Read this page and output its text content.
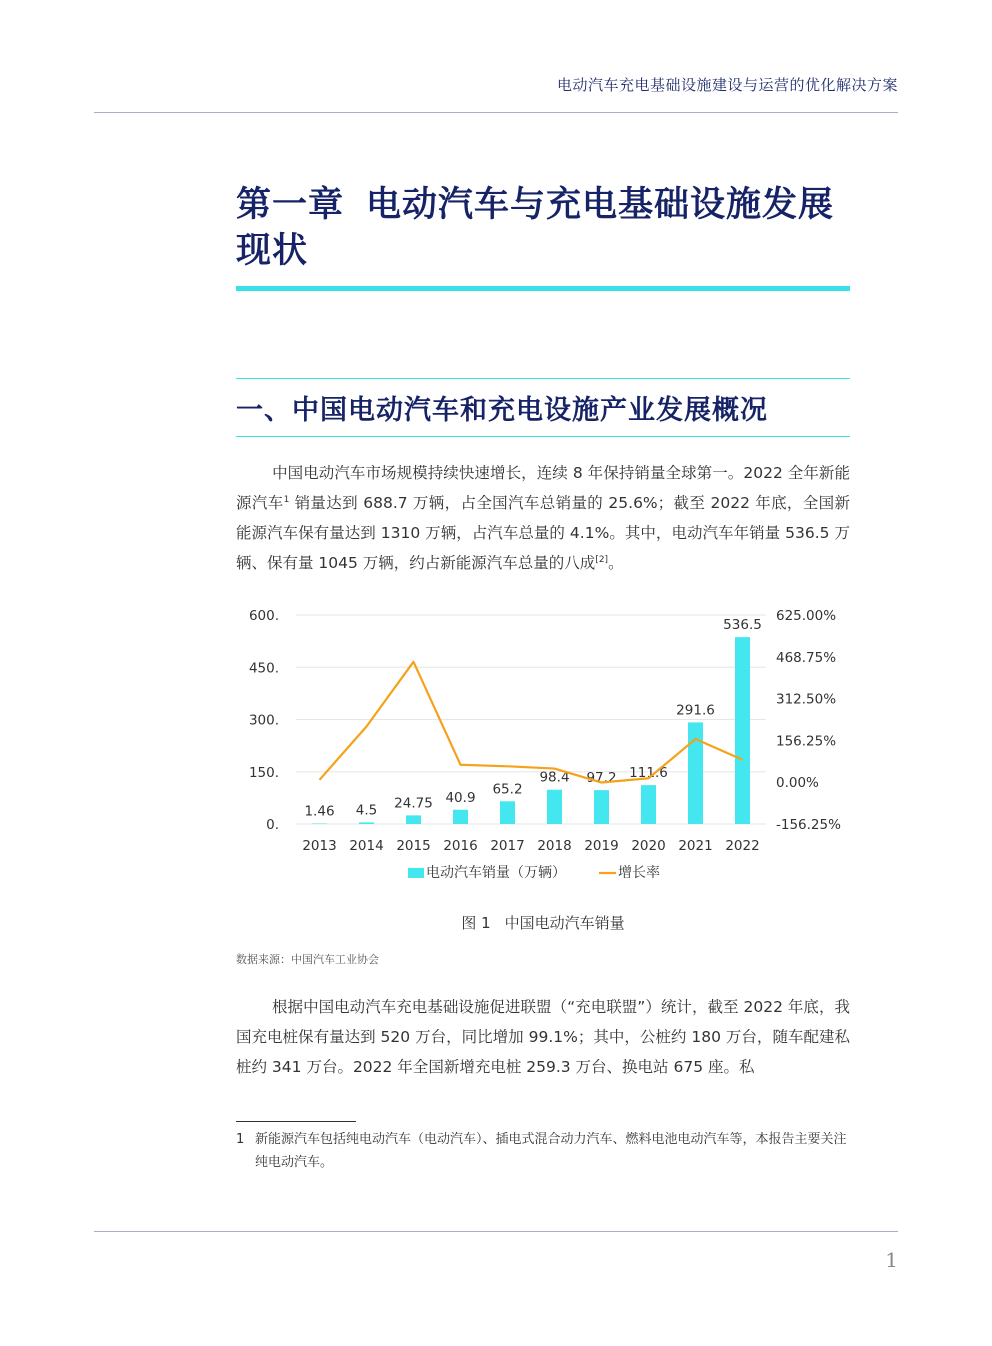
电动汽车充电基础设施建设与运营的优化解决方案
第一章 电动汽车与充电基础设施发展现状
一、中国电动汽车和充电设施产业发展概况

中国电动汽车市场规模持续快速增长，连续 8 年保持销量全球第一。2022 全年新能源汽车$^1$ 销量达到 688.7 万辆，占全国汽车总销量的 25.6%；截至 2022 年底，全国新能源汽车保有量达到 1310 万辆，占汽车总量的 4.1%。其中，电动汽车年销量 536.5 万辆、保有量 1045 万辆，约占新能源汽车总量的八成[2]。

0.
150.
300.
450.
600.
-156.25%
0.00%
156.25%
312.50%
468.75%
625.00%
1.46
2013
4.5
2014
24.75
2015
40.9
2016
65.2
2017
98.4
2018
97.2
2019
111.6
2020
291.6
2021
536.5
2022
电动汽车销量（万辆）	增长率
图 1 中国电动汽车销量
数据来源：中国汽车工业协会

根据中国电动汽车充电基础设施促进联盟（“充电联盟”）统计，截至 2022 年底，我国充电桩保有量达到 520 万台，同比增加 99.1%；其中，公桩约 180 万台，随车配建私桩约 341 万台。2022 年全国新增充电桩 259.3 万台、换电站 675 座。私

1 新能源汽车包括纯电动汽车（电动汽车）、插电式混合动力汽车、燃料电池电动汽车等，本报告主要关注纯电动汽车。
1
